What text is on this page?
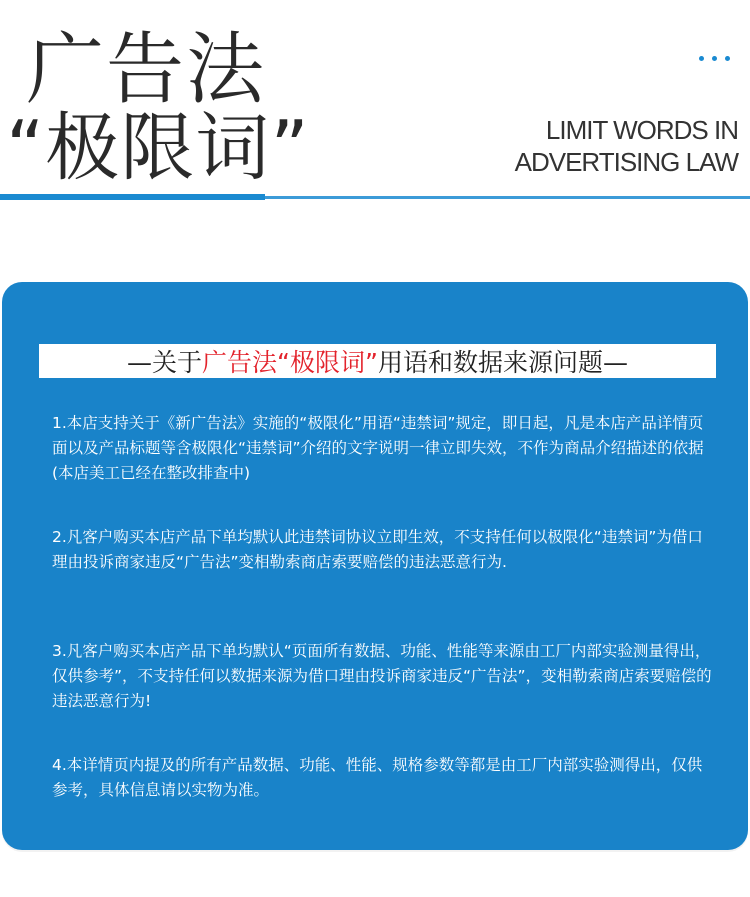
广告法
“极限词”	LIMIT WORDS IN
ADVERTISING LAW
—关于 广告法“极限词” 用语和数据来源问题—

1.本店支持关于《新广告法》实施的“极限化”用语“违禁词”规定，即日起，凡是本店产品详情页面以及产品标题等含极限化“违禁词”介绍的文字说明一律立即失效，不作为商品介绍描述的依据(本店美工已经在整改排查中)

2.凡客户购买本店产品下单均默认此违禁词协议立即生效，不支持任何以极限化“违禁词”为借口理由投诉商家违反“广告法”变相勒索商店索要赔偿的违法恶意行为.

3.凡客户购买本店产品下单均默认“页面所有数据、功能、性能等来源由工厂内部实验测量得出，仅供参考”，不支持任何以数据来源为借口理由投诉商家违反“广告法”，变相勒索商店索要赔偿的违法恶意行为!

4.本详情页内提及的所有产品数据、功能、性能、规格参数等都是由工厂内部实验测得出，仅供参考，具体信息请以实物为准。
